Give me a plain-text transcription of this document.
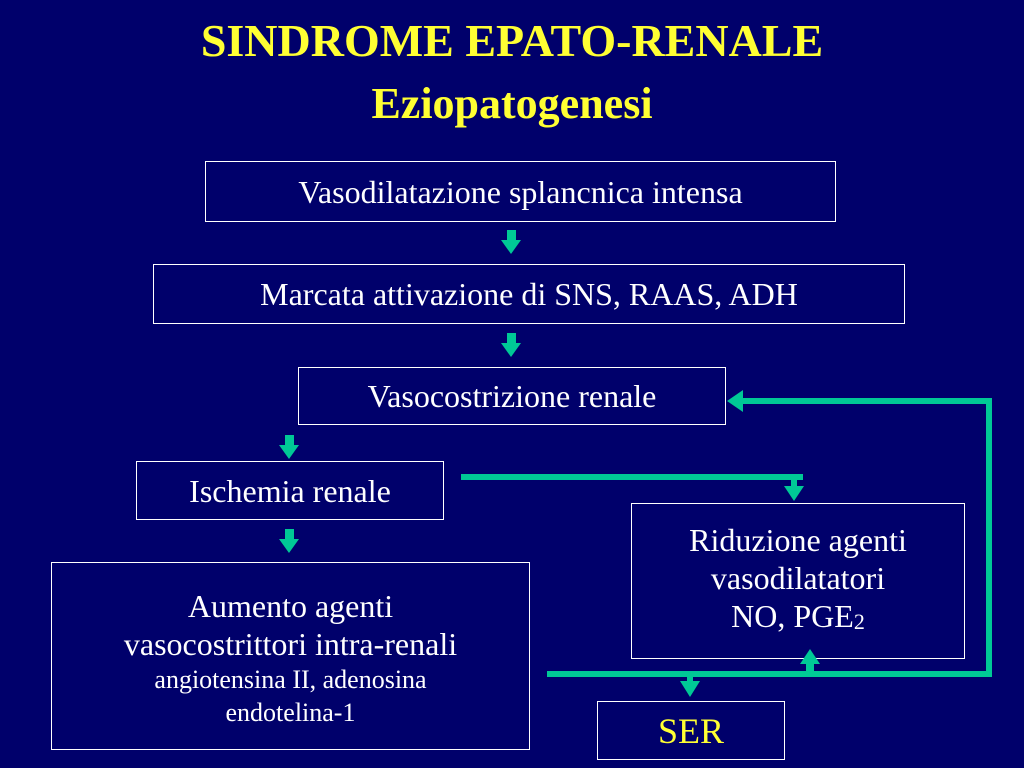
SINDROME EPATO-RENALE
Eziopatogenesi
Vasodilatazione splancnica intensa
Marcata attivazione di SNS, RAAS, ADH
Vasocostrizione renale
Ischemia renale
Aumento agenti
vasocostrittori intra-renali
angiotensina II, adenosina
endotelina-1
Riduzione agenti
vasodilatatori
NO, $PGE_2$
SER
